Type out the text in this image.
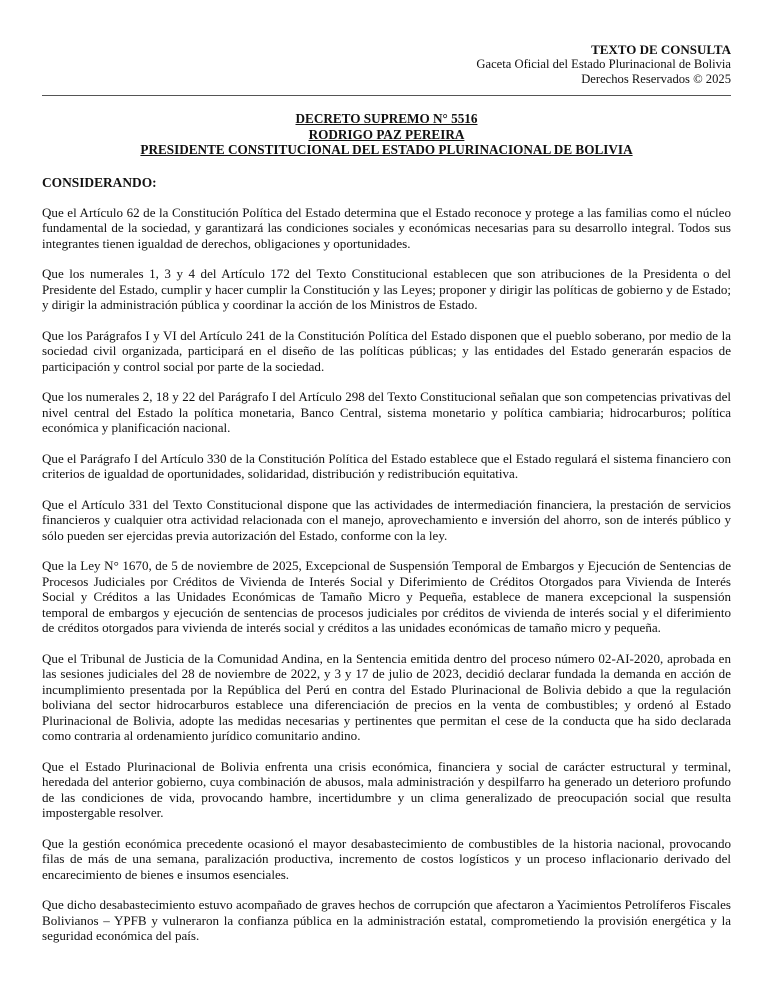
TEXTO DE CONSULTA
Gaceta Oficial del Estado Plurinacional de Bolivia
Derechos Reservados © 2025
DECRETO SUPREMO N° 5516
RODRIGO PAZ PEREIRA
PRESIDENTE CONSTITUCIONAL DEL ESTADO PLURINACIONAL DE BOLIVIA
CONSIDERANDO:

Que el Artículo 62 de la Constitución Política del Estado determina que el Estado reconoce y protege a las familias como el núcleo fundamental de la sociedad, y garantizará las condiciones sociales y económicas necesarias para su desarrollo integral. Todos sus integrantes tienen igualdad de derechos, obligaciones y oportunidades.

Que los numerales 1, 3 y 4 del Artículo 172 del Texto Constitucional establecen que son atribuciones de la Presidenta o del Presidente del Estado, cumplir y hacer cumplir la Constitución y las Leyes; proponer y dirigir las políticas de gobierno y de Estado; y dirigir la administración pública y coordinar la acción de los Ministros de Estado.

Que los Parágrafos I y VI del Artículo 241 de la Constitución Política del Estado disponen que el pueblo soberano, por medio de la sociedad civil organizada, participará en el diseño de las políticas públicas; y las entidades del Estado generarán espacios de participación y control social por parte de la sociedad.

Que los numerales 2, 18 y 22 del Parágrafo I del Artículo 298 del Texto Constitucional señalan que son competencias privativas del nivel central del Estado la política monetaria, Banco Central, sistema monetario y política cambiaria; hidrocarburos; política económica y planificación nacional.

Que el Parágrafo I del Artículo 330 de la Constitución Política del Estado establece que el Estado regulará el sistema financiero con criterios de igualdad de oportunidades, solidaridad, distribución y redistribución equitativa.

Que el Artículo 331 del Texto Constitucional dispone que las actividades de intermediación financiera, la prestación de servicios financieros y cualquier otra actividad relacionada con el manejo, aprovechamiento e inversión del ahorro, son de interés público y sólo pueden ser ejercidas previa autorización del Estado, conforme con la ley.

Que la Ley N° 1670, de 5 de noviembre de 2025, Excepcional de Suspensión Temporal de Embargos y Ejecución de Sentencias de Procesos Judiciales por Créditos de Vivienda de Interés Social y Diferimiento de Créditos Otorgados para Vivienda de Interés Social y Créditos a las Unidades Económicas de Tamaño Micro y Pequeña, establece de manera excepcional la suspensión temporal de embargos y ejecución de sentencias de procesos judiciales por créditos de vivienda de interés social y el diferimiento de créditos otorgados para vivienda de interés social y créditos a las unidades económicas de tamaño micro y pequeña.

Que el Tribunal de Justicia de la Comunidad Andina, en la Sentencia emitida dentro del proceso número 02-AI-2020, aprobada en las sesiones judiciales del 28 de noviembre de 2022, y 3 y 17 de julio de 2023, decidió declarar fundada la demanda en acción de incumplimiento presentada por la República del Perú en contra del Estado Plurinacional de Bolivia debido a que la regulación boliviana del sector hidrocarburos establece una diferenciación de precios en la venta de combustibles; y ordenó al Estado Plurinacional de Bolivia, adopte las medidas necesarias y pertinentes que permitan el cese de la conducta que ha sido declarada como contraria al ordenamiento jurídico comunitario andino.

Que el Estado Plurinacional de Bolivia enfrenta una crisis económica, financiera y social de carácter estructural y terminal, heredada del anterior gobierno, cuya combinación de abusos, mala administración y despilfarro ha generado un deterioro profundo de las condiciones de vida, provocando hambre, incertidumbre y un clima generalizado de preocupación social que resulta impostergable resolver.

Que la gestión económica precedente ocasionó el mayor desabastecimiento de combustibles de la historia nacional, provocando filas de más de una semana, paralización productiva, incremento de costos logísticos y un proceso inflacionario derivado del encarecimiento de bienes e insumos esenciales.

Que dicho desabastecimiento estuvo acompañado de graves hechos de corrupción que afectaron a Yacimientos Petrolíferos Fiscales Bolivianos – YPFB y vulneraron la confianza pública en la administración estatal, comprometiendo la provisión energética y la seguridad económica del país.
